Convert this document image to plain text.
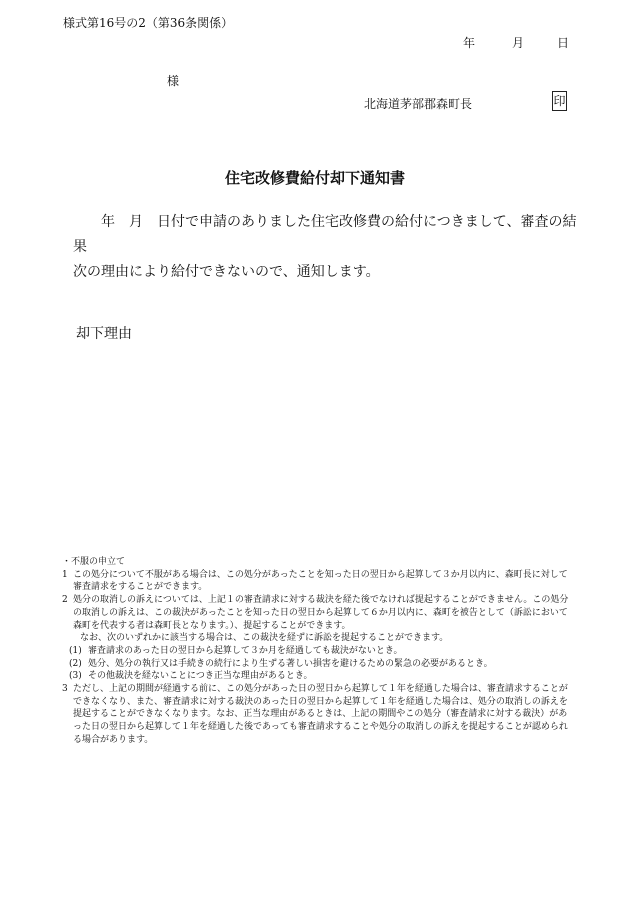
様式第16号の2（第36条関係）
年	月	日
様
北海道茅部郡森町長	印
住宅改修費給付却下通知書

年　月　日付で申請のありました住宅改修費の給付につきまして、審査の結果

次の理由により給付できないので、通知します。

却下理由

・不服の申立て

1 この処分について不服がある場合は、この処分があったことを知った日の翌日から起算して３か月以内に、森町長に対して審査請求をすることができます。
2 処分の取消しの訴えについては、上記１の審査請求に対する裁決を経た後でなければ提起することができません。この処分の取消しの訴えは、この裁決があったことを知った日の翌日から起算して６か月以内に、森町を被告として（訴訟において森町を代表する者は森町長となります。）、提起することができます。

なお、次のいずれかに該当する場合は、この裁決を経ずに訴訟を提起することができます。

(1) 審査請求のあった日の翌日から起算して３か月を経過しても裁決がないとき。
(2) 処分、処分の執行又は手続きの続行により生ずる著しい損害を避けるための緊急の必要があるとき。
(3) その他裁決を経ないことにつき正当な理由があるとき。
3 ただし、上記の期間が経過する前に、この処分があった日の翌日から起算して１年を経過した場合は、審査請求することができなくなり、また、審査請求に対する裁決のあった日の翌日から起算して１年を経過した場合は、処分の取消しの訴えを提起することができなくなります。なお、正当な理由があるときは、上記の期間やこの処分（審査請求に対する裁決）があった日の翌日から起算して１年を経過した後であっても審査請求することや処分の取消しの訴えを提起することが認められる場合があります。
